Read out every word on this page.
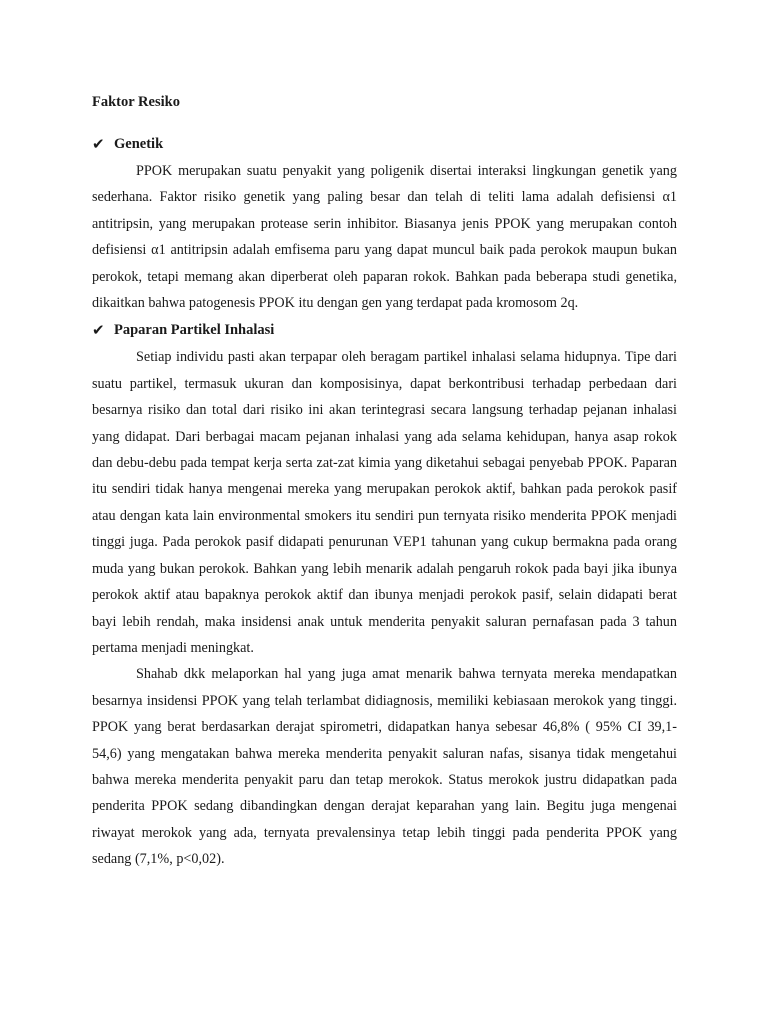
Faktor Resiko
✔ Genetik

PPOK merupakan suatu penyakit yang poligenik disertai interaksi lingkungan genetik yang sederhana. Faktor risiko genetik yang paling besar dan telah di teliti lama adalah defisiensi α1 antitripsin, yang merupakan protease serin inhibitor. Biasanya jenis PPOK yang merupakan contoh defisiensi α1 antitripsin adalah emfisema paru yang dapat muncul baik pada perokok maupun bukan perokok, tetapi memang akan diperberat oleh paparan rokok. Bahkan pada beberapa studi genetika, dikaitkan bahwa patogenesis PPOK itu dengan gen yang terdapat pada kromosom 2q.

✔ Paparan Partikel Inhalasi

Setiap individu pasti akan terpapar oleh beragam partikel inhalasi selama hidupnya. Tipe dari suatu partikel, termasuk ukuran dan komposisinya, dapat berkontribusi terhadap perbedaan dari besarnya risiko dan total dari risiko ini akan terintegrasi secara langsung terhadap pejanan inhalasi yang didapat. Dari berbagai macam pejanan inhalasi yang ada selama kehidupan, hanya asap rokok dan debu-debu pada tempat kerja serta zat-zat kimia yang diketahui sebagai penyebab PPOK. Paparan itu sendiri tidak hanya mengenai mereka yang merupakan perokok aktif, bahkan pada perokok pasif atau dengan kata lain environmental smokers itu sendiri pun ternyata risiko menderita PPOK menjadi tinggi juga. Pada perokok pasif didapati penurunan VEP1 tahunan yang cukup bermakna pada orang muda yang bukan perokok. Bahkan yang lebih menarik adalah pengaruh rokok pada bayi jika ibunya perokok aktif atau bapaknya perokok aktif dan ibunya menjadi perokok pasif, selain didapati berat bayi lebih rendah, maka insidensi anak untuk menderita penyakit saluran pernafasan pada 3 tahun pertama menjadi meningkat.

Shahab dkk melaporkan hal yang juga amat menarik bahwa ternyata mereka mendapatkan besarnya insidensi PPOK yang telah terlambat didiagnosis, memiliki kebiasaan merokok yang tinggi. PPOK yang berat berdasarkan derajat spirometri, didapatkan hanya sebesar 46,8% ( 95% CI 39,1-54,6) yang mengatakan bahwa mereka menderita penyakit saluran nafas, sisanya tidak mengetahui bahwa mereka menderita penyakit paru dan tetap merokok. Status merokok justru didapatkan pada penderita PPOK sedang dibandingkan dengan derajat keparahan yang lain. Begitu juga mengenai riwayat merokok yang ada, ternyata prevalensinya tetap lebih tinggi pada penderita PPOK yang sedang (7,1%, p<0,02).
